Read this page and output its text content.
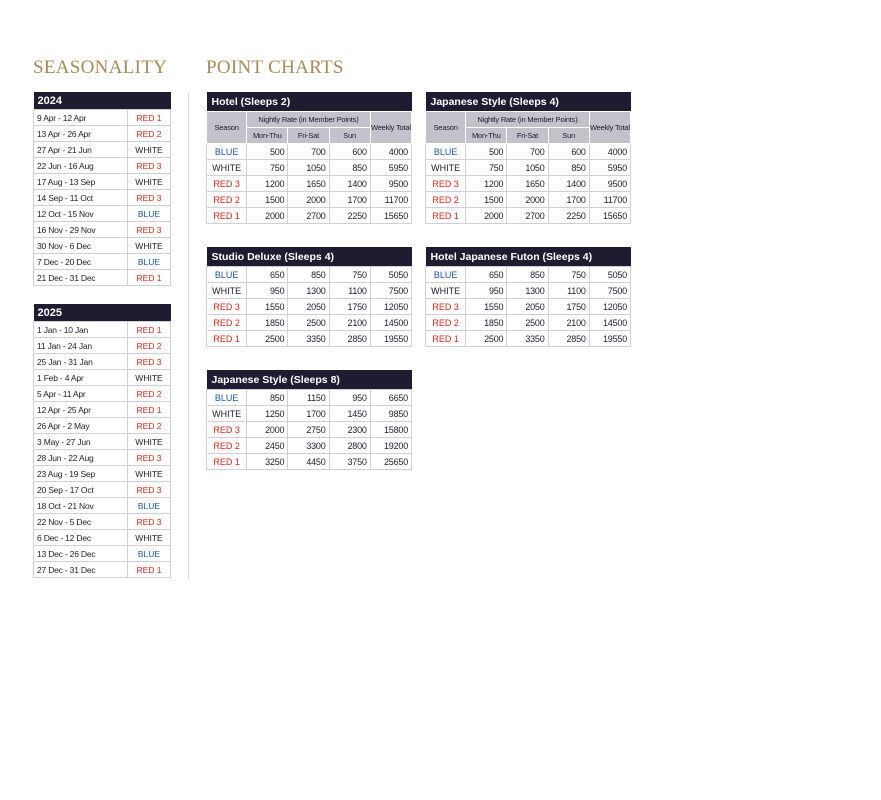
SEASONALITY POINT CHARTS
2024	
9 Apr - 12 Apr	RED 1
13 Apr - 26 Apr	RED 2
27 Apr - 21 Jun	WHITE
22 Jun - 16 Aug	RED 3
17 Aug - 13 Sep	WHITE
14 Sep - 11 Oct	RED 3
12 Oct - 15 Nov	BLUE
16 Nov - 29 Nov	RED 3
30 Nov - 6 Dec	WHITE
7 Dec - 20 Dec	BLUE
21 Dec - 31 Dec	RED 1
2025	
1 Jan - 10 Jan	RED 1
11 Jan - 24 Jan	RED 2
25 Jan - 31 Jan	RED 3
1 Feb - 4 Apr	WHITE
5 Apr - 11 Apr	RED 2
12 Apr - 25 Apr	RED 1
26 Apr - 2 May	RED 2
3 May - 27 Jun	WHITE
28 Jun - 22 Aug	RED 3
23 Aug - 19 Sep	WHITE
20 Sep - 17 Oct	RED 3
18 Oct - 21 Nov	BLUE
22 Nov - 5 Dec	RED 3
6 Dec - 12 Dec	WHITE
13 Dec - 26 Dec	BLUE
27 Dec - 31 Dec	RED 1
Hotel (Sleeps 2)				
Season	Nightly Rate (in Member Points)			Weekly Total
	Mon-Thu	Fri-Sat	Sun	
BLUE	500	700	600	4000
WHITE	750	1050	850	5950
RED 3	1200	1650	1400	9500
RED 2	1500	2000	1700	11700
RED 1	2000	2700	2250	15650
Japanese Style (Sleeps 4)				
Season	Nightly Rate (in Member Points)			Weekly Total
	Mon-Thu	Fri-Sat	Sun	
BLUE	500	700	600	4000
WHITE	750	1050	850	5950
RED 3	1200	1650	1400	9500
RED 2	1500	2000	1700	11700
RED 1	2000	2700	2250	15650
Studio Deluxe (Sleeps 4)				
BLUE	650	850	750	5050
WHITE	950	1300	1100	7500
RED 3	1550	2050	1750	12050
RED 2	1850	2500	2100	14500
RED 1	2500	3350	2850	19550
Hotel Japanese Futon (Sleeps 4)				
BLUE	650	850	750	5050
WHITE	950	1300	1100	7500
RED 3	1550	2050	1750	12050
RED 2	1850	2500	2100	14500
RED 1	2500	3350	2850	19550
Japanese Style (Sleeps 8)				
BLUE	850	1150	950	6650
WHITE	1250	1700	1450	9850
RED 3	2000	2750	2300	15800
RED 2	2450	3300	2800	19200
RED 1	3250	4450	3750	25650
